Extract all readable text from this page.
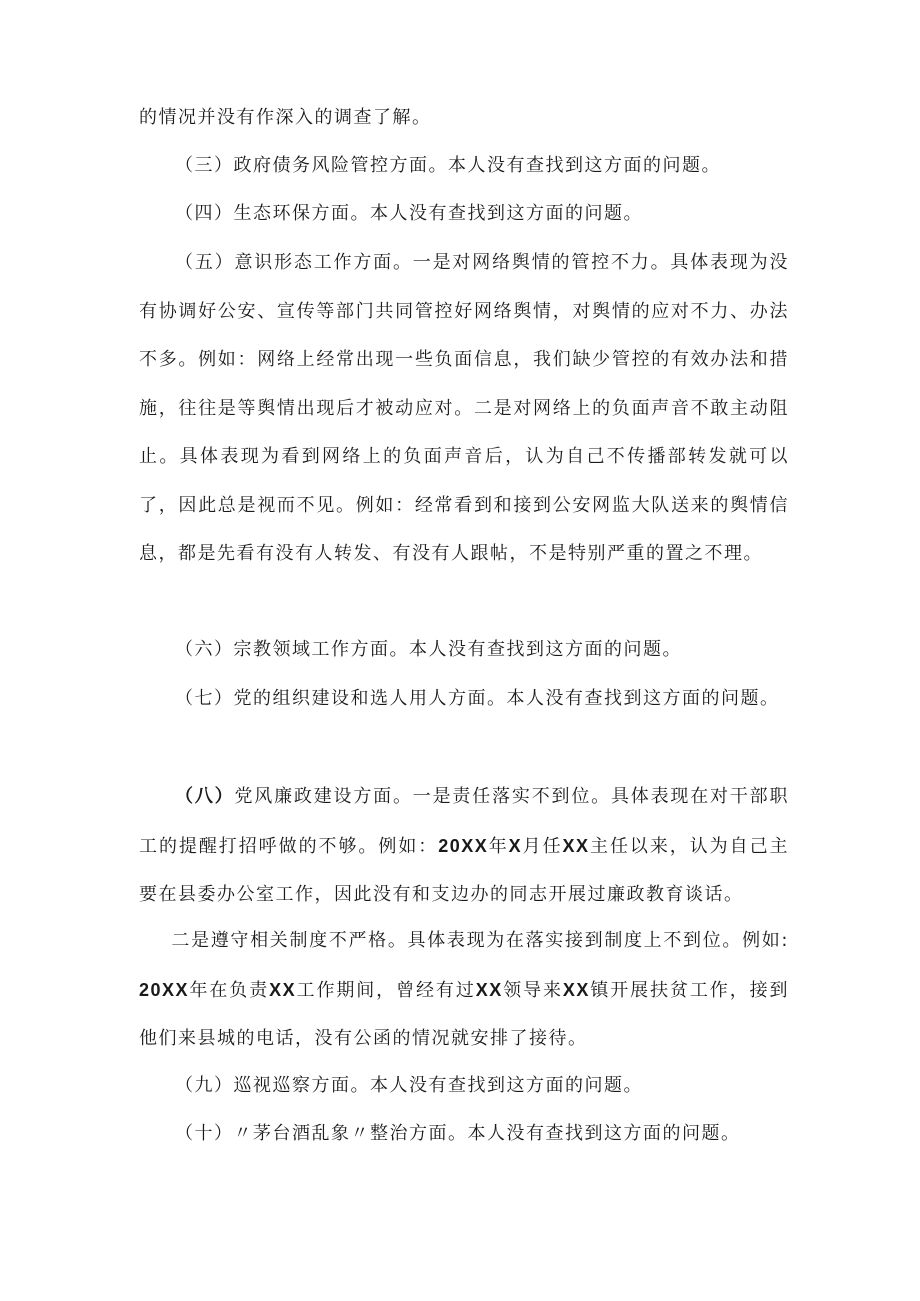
的情况并没有作深入的调查了解。

（三）政府债务风险管控方面。本人没有查找到这方面的问题。

（四）生态环保方面。本人没有查找到这方面的问题。

（五）意识形态工作方面。一是对网络舆情的管控不力。具体表现为没有协调好公安、宣传等部门共同管控好网络舆情，对舆情的应对不力、办法不多。例如：网络上经常出现一些负面信息，我们缺少管控的有效办法和措施，往往是等舆情出现后才被动应对。二是对网络上的负面声音不敢主动阻止。具体表现为看到网络上的负面声音后，认为自己不传播部转发就可以了，因此总是视而不见。例如：经常看到和接到公安网监大队送来的舆情信息，都是先看有没有人转发、有没有人跟帖，不是特别严重的置之不理。

（六）宗教领域工作方面。本人没有查找到这方面的问题。

（七）党的组织建设和选人用人方面。本人没有查找到这方面的问题。

（八）党风廉政建设方面。一是责任落实不到位。具体表现在对干部职工的提醒打招呼做的不够。例如：20XX年X月任XX主任以来，认为自己主要在县委办公室工作，因此没有和支边办的同志开展过廉政教育谈话。

二是遵守相关制度不严格。具体表现为在落实接到制度上不到位。例如:20XX年在负责XX工作期间，曾经有过XX领导来XX镇开展扶贫工作，接到他们来县城的电话，没有公函的情况就安排了接待。

（九）巡视巡察方面。本人没有查找到这方面的问题。

（十）〃茅台酒乱象〃整治方面。本人没有查找到这方面的问题。
